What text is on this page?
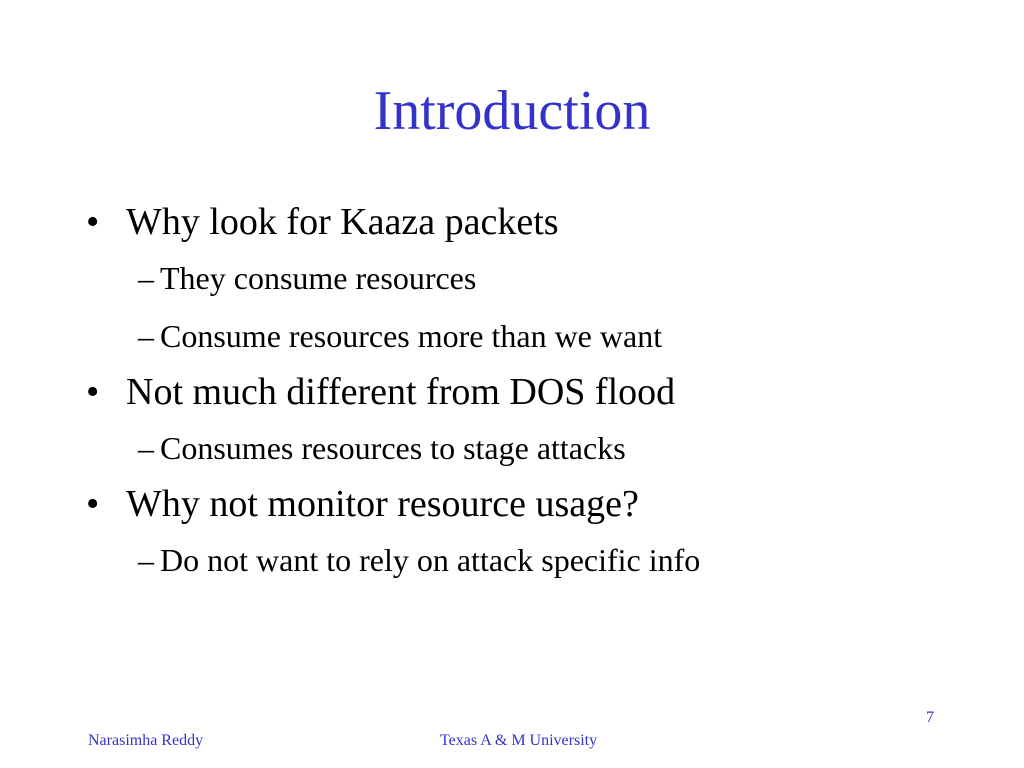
Introduction
• Why look for Kaaza packets
– They consume resources
– Consume resources more than we want
• Not much different from DOS flood
– Consumes resources to stage attacks
• Why not monitor resource usage?
– Do not want to rely on attack specific info
7
Narasimha Reddy	Texas A & M University
